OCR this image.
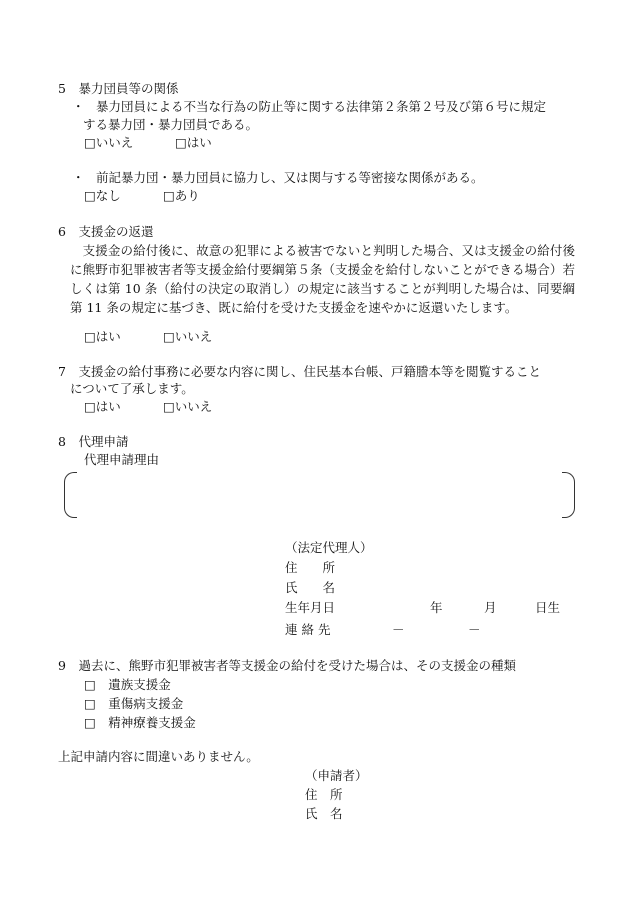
5　暴力団員等の関係
・ 暴力団員による不当な行為の防止等に関する法律第２条第２号及び第６号に規定
する暴力団・暴力団員である。
□いいえ	□はい
・ 前記暴力団・暴力団員に協力し、又は関与する等密接な関係がある。
□なし	□あり
6　支援金の返還
　支援金の給付後に、故意の犯罪による被害でないと判明した場合、又は支援金の給付後に熊野市犯罪被害者等支援金給付要綱第５条（支援金を給付しないことができる場合）若しくは第 10 条（給付の決定の取消し）の規定に該当することが判明した場合は、同要綱第 11 条の規定に基づき、既に給付を受けた支援金を速やかに返還いたします。
□はい	□いいえ
7　支援金の給付事務に必要な内容に関し、住民基本台帳、戸籍謄本等を閲覧すること
について了承します。
□はい	□いいえ
8　代理申請
代理申請理由
（法定代理人）
住　　所
氏　　名
生年月日	年	月	日生
連 絡 先	－	－
9　過去に、熊野市犯罪被害者等支援金の給付を受けた場合は、その支援金の種類
□　遺族支援金
□　重傷病支援金
□　精神療養支援金
上記申請内容に間違いありません。
（申請者）
住　所
氏　名
